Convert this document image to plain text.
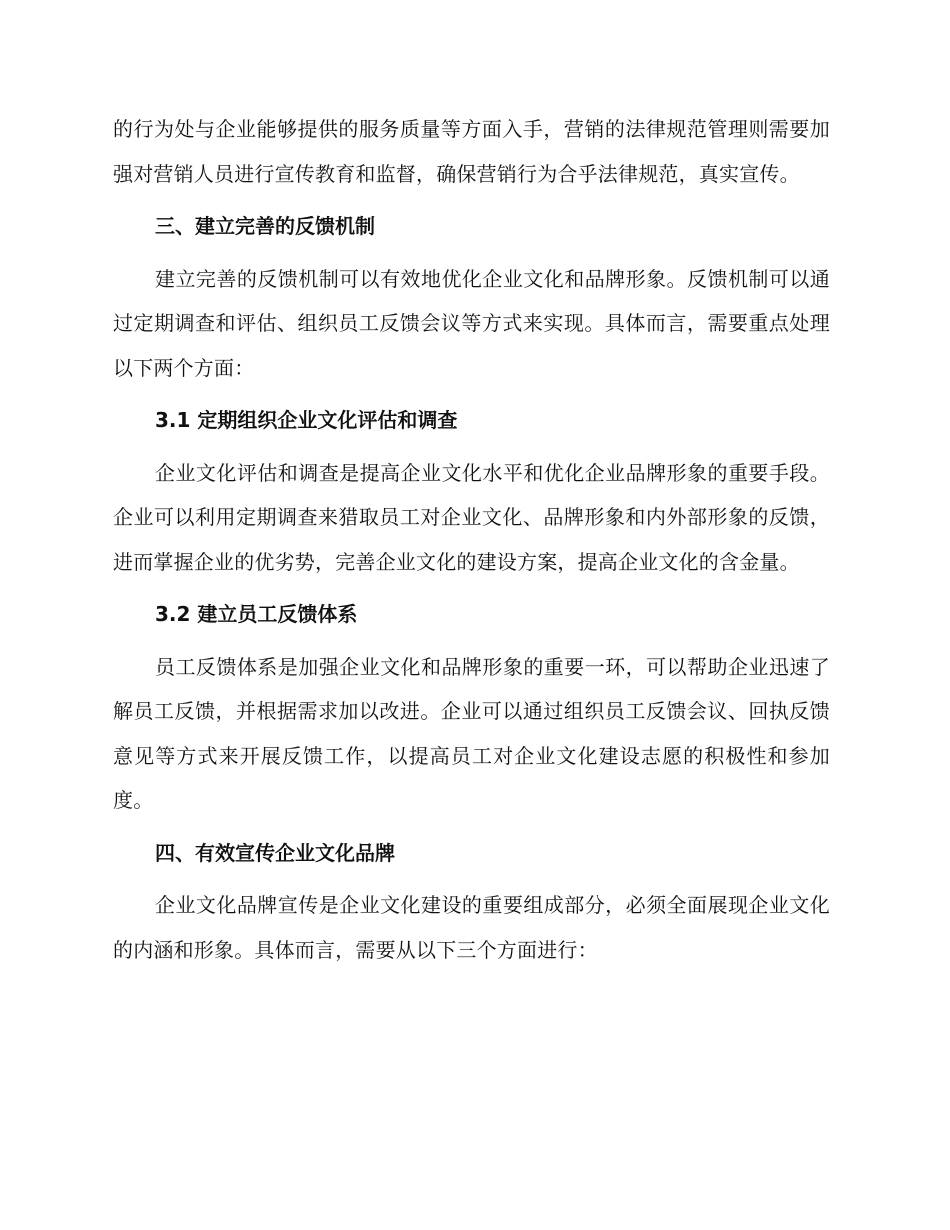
的行为处与企业能够提供的服务质量等方面入手，营销的法律规范管理则需要加强对营销人员进行宣传教育和监督，确保营销行为合乎法律规范，真实宣传。

三、建立完善的反馈机制

建立完善的反馈机制可以有效地优化企业文化和品牌形象。反馈机制可以通过定期调查和评估、组织员工反馈会议等方式来实现。具体而言，需要重点处理以下两个方面：

3.1 定期组织企业文化评估和调查

企业文化评估和调查是提高企业文化水平和优化企业品牌形象的重要手段。企业可以利用定期调查来猎取员工对企业文化、品牌形象和内外部形象的反馈，进而掌握企业的优劣势，完善企业文化的建设方案，提高企业文化的含金量。

3.2 建立员工反馈体系

员工反馈体系是加强企业文化和品牌形象的重要一环，可以帮助企业迅速了解员工反馈，并根据需求加以改进。企业可以通过组织员工反馈会议、回执反馈意见等方式来开展反馈工作，以提高员工对企业文化建设志愿的积极性和参加度。

四、有效宣传企业文化品牌

企业文化品牌宣传是企业文化建设的重要组成部分，必须全面展现企业文化的内涵和形象。具体而言，需要从以下三个方面进行：
